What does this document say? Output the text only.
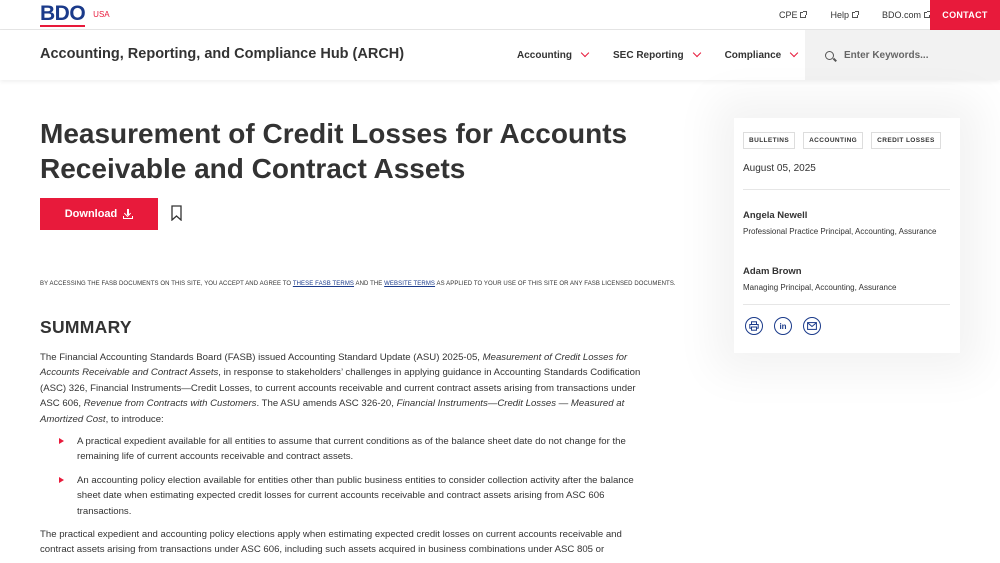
BDO USA	CPE	Help	BDO.com	CONTACT
Accounting, Reporting, and Compliance Hub (ARCH)	Accounting	SEC Reporting	Compliance
Enter Keywords...
Measurement of Credit Losses for Accounts Receivable and Contract Assets
Download
BY ACCESSING THE FASB DOCUMENTS ON THIS SITE, YOU ACCEPT AND AGREE TO THESE FASB TERMS AND THE WEBSITE TERMS AS APPLIED TO YOUR USE OF THIS SITE OR ANY FASB LICENSED DOCUMENTS.
SUMMARY

The Financial Accounting Standards Board (FASB) issued Accounting Standard Update (ASU) 2025-05, Measurement of Credit Losses for Accounts Receivable and Contract Assets, in response to stakeholders’ challenges in applying guidance in Accounting Standards Codification (ASC) 326, Financial Instruments—Credit Losses, to current accounts receivable and current contract assets arising from transactions under ASC 606, Revenue from Contracts with Customers. The ASU amends ASC 326-20, Financial Instruments—Credit Losses — Measured at Amortized Cost, to introduce:

A practical expedient available for all entities to assume that current conditions as of the balance sheet date do not change for the remaining life of current accounts receivable and contract assets.
An accounting policy election available for entities other than public business entities to consider collection activity after the balance sheet date when estimating expected credit losses for current accounts receivable and contract assets arising from ASC 606 transactions.

The practical expedient and accounting policy elections apply when estimating expected credit losses on current accounts receivable and contract assets arising from transactions under ASC 606, including such assets acquired in business combinations under ASC 805 or

BULLETINS	ACCOUNTING	CREDIT LOSSES
August 05, 2025
Angela Newell
Professional Practice Principal, Accounting, Assurance
Adam Brown
Managing Principal, Accounting, Assurance
in
